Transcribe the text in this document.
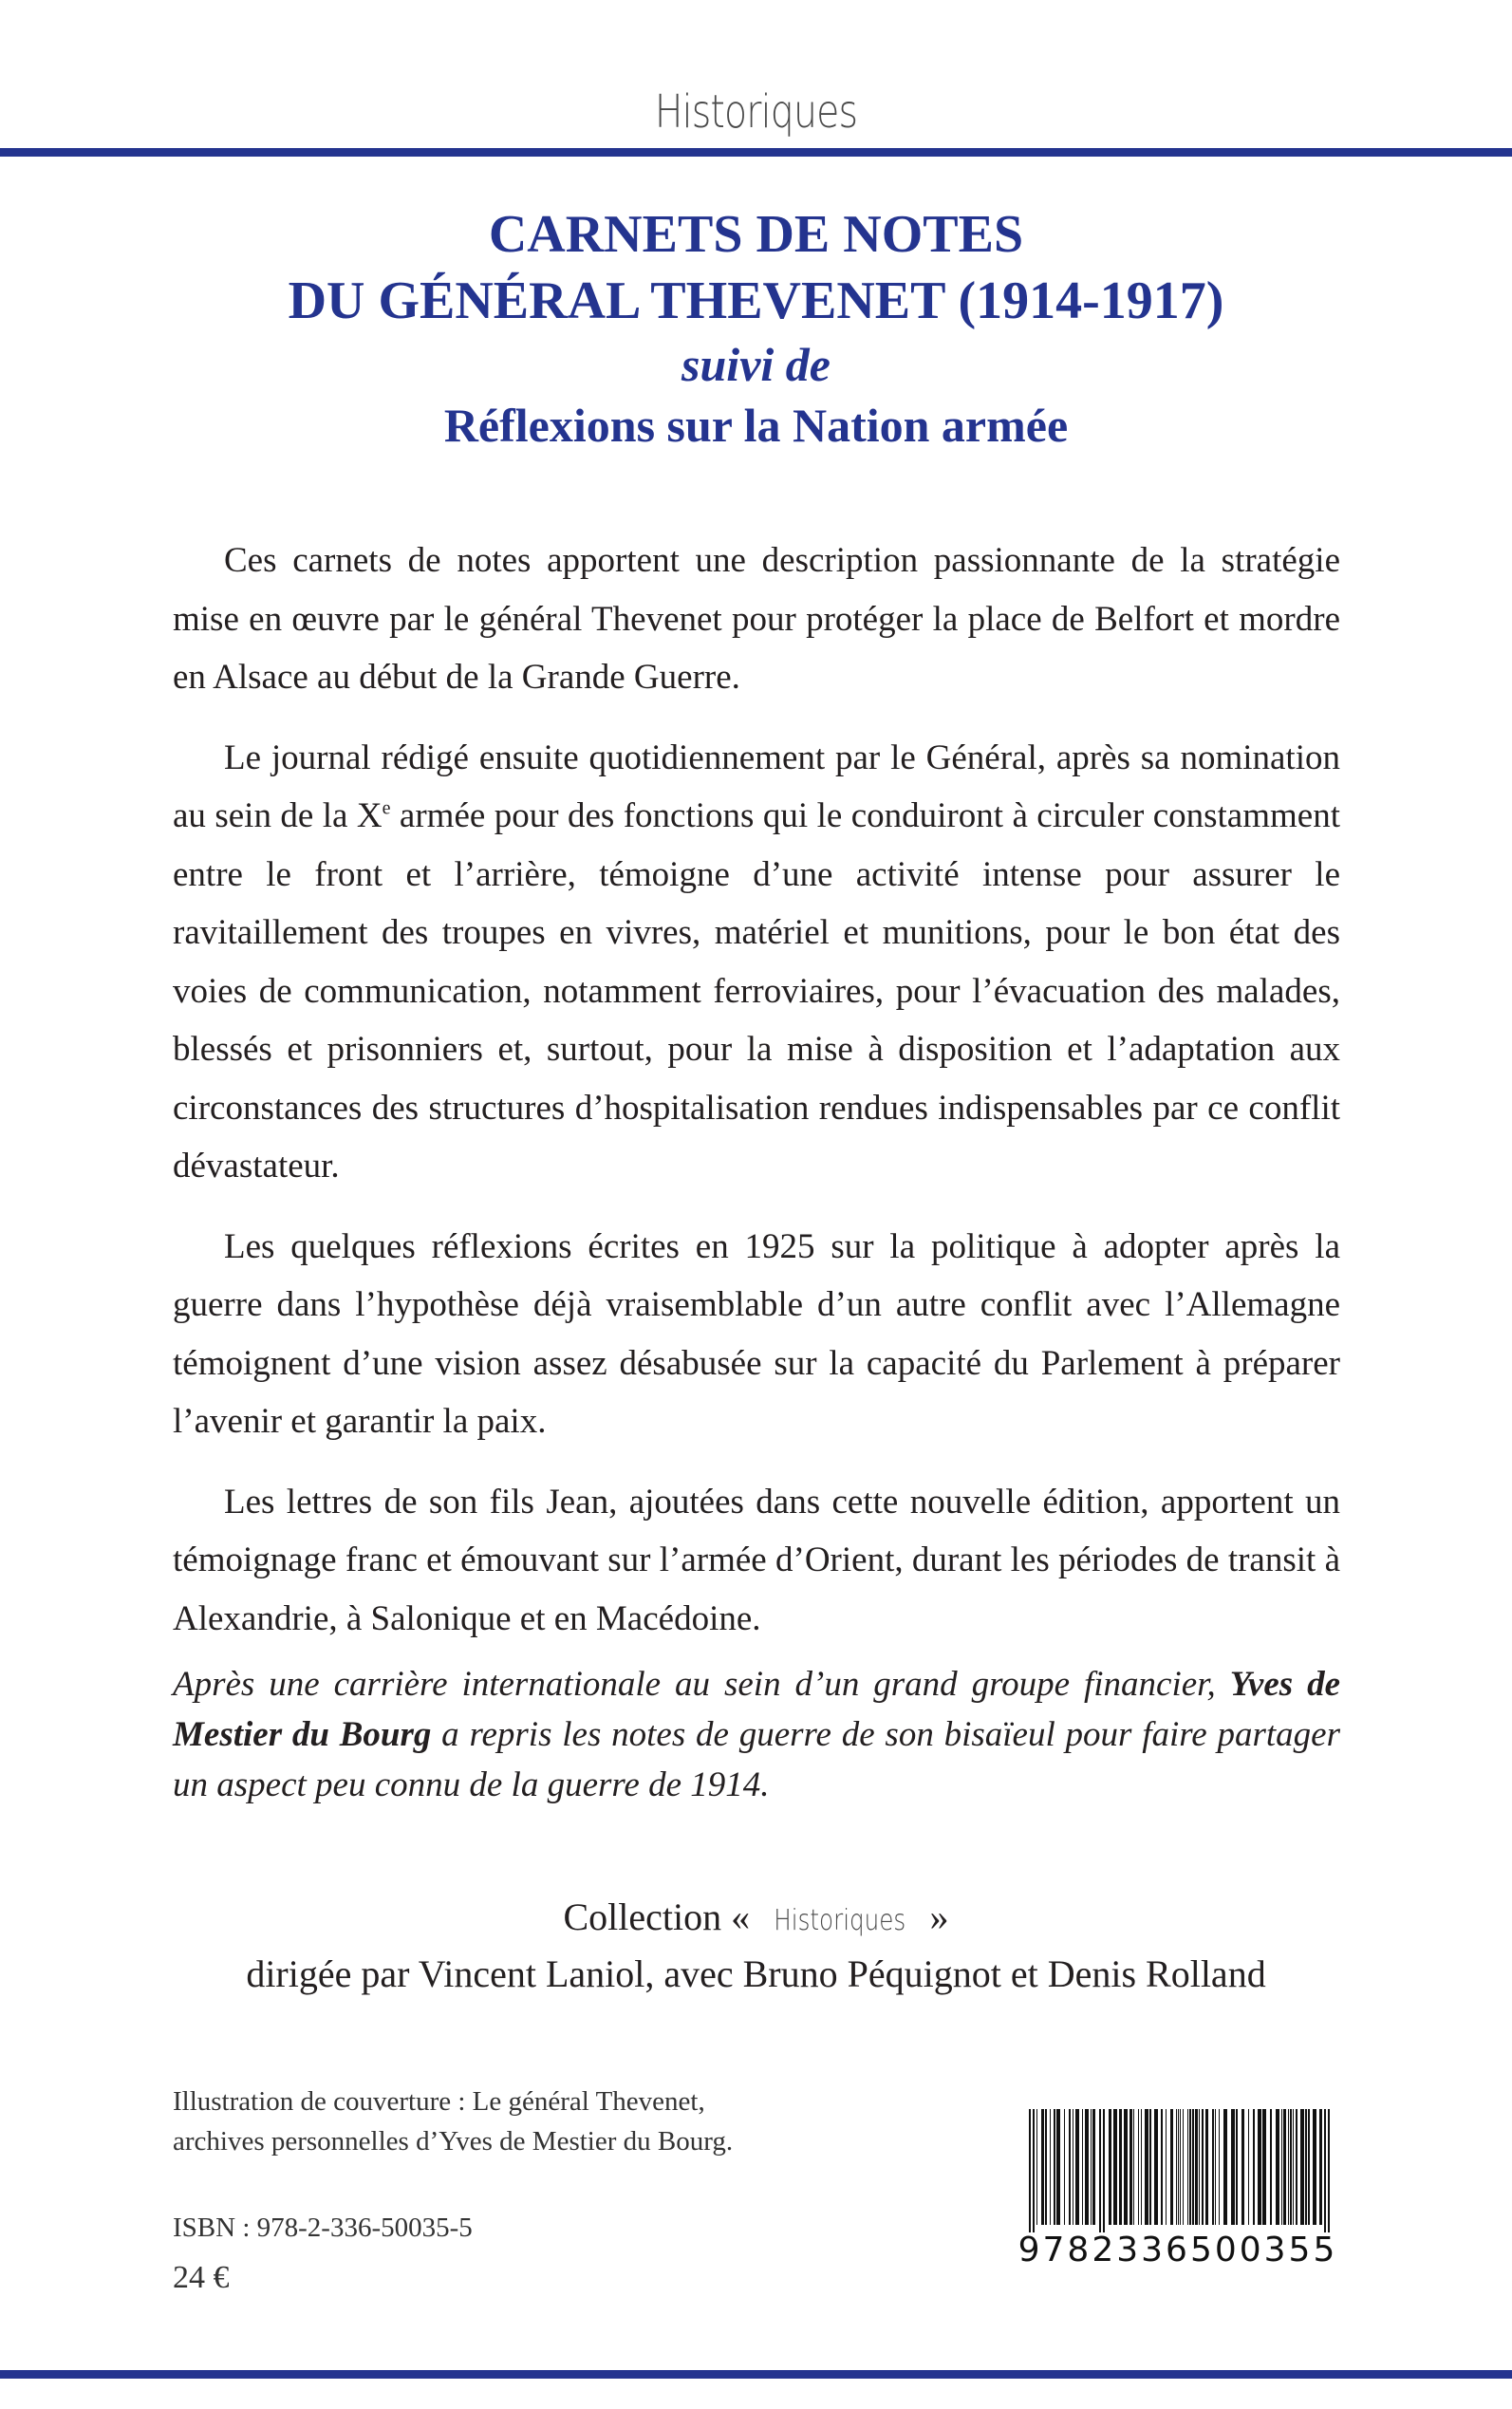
Historiques
CARNETS DE NOTES
DU GÉNÉRAL THEVENET (1914-1917)
suivi de
Réflexions sur la Nation armée

Ces carnets de notes apportent une description passionnante de la stratégie mise en œuvre par le général Thevenet pour protéger la place de Belfort et mordre en Alsace au début de la Grande Guerre.

Le journal rédigé ensuite quotidiennement par le Général, après sa nomination au sein de la Xe armée pour des fonctions qui le conduiront à circuler constamment entre le front et l’arrière, témoigne d’une activité intense pour assurer le ravitaillement des troupes en vivres, matériel et munitions, pour le bon état des voies de communication, notamment ferroviaires, pour l’évacuation des malades, blessés et prisonniers et, surtout, pour la mise à disposition et l’adaptation aux circonstances des structures d’hospitalisation rendues indispensables par ce conflit dévastateur.

Les quelques réflexions écrites en 1925 sur la politique à adopter après la guerre dans l’hypothèse déjà vraisemblable d’un autre conflit avec l’Allemagne témoignent d’une vision assez désabusée sur la capacité du Parlement à préparer l’avenir et garantir la paix.

Les lettres de son fils Jean, ajoutées dans cette nouvelle édition, apportent un témoignage franc et émouvant sur l’armée d’Orient, durant les périodes de transit à Alexandrie, à Salonique et en Macédoine.

Après une carrière internationale au sein d’un grand groupe financier, Yves de Mestier du Bourg a repris les notes de guerre de son bisaïeul pour faire partager un aspect peu connu de la guerre de 1914.
Collection « Historiques »
dirigée par Vincent Laniol, avec Bruno Péquignot et Denis Rolland
Illustration de couverture : Le général Thevenet,
archives personnelles d’Yves de Mestier du Bourg.
ISBN : 978-2-336-50035-5
24 €
9782336500355
